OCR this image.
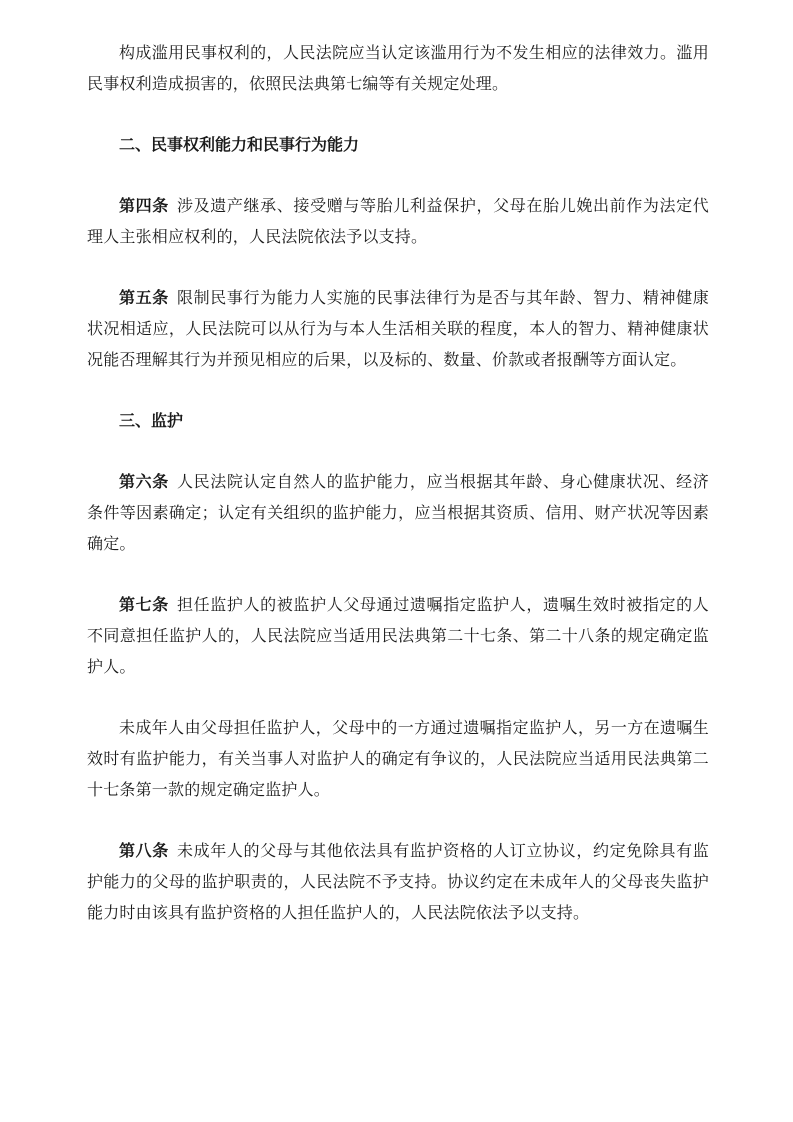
构成滥用民事权利的，人民法院应当认定该滥用行为不发生相应的法律效力。滥用民事权利造成损害的，依照民法典第七编等有关规定处理。

二、民事权利能力和民事行为能力

第四条 涉及遗产继承、接受赠与等胎儿利益保护，父母在胎儿娩出前作为法定代理人主张相应权利的，人民法院依法予以支持。

第五条 限制民事行为能力人实施的民事法律行为是否与其年龄、智力、精神健康状况相适应，人民法院可以从行为与本人生活相关联的程度，本人的智力、精神健康状况能否理解其行为并预见相应的后果，以及标的、数量、价款或者报酬等方面认定。

三、监护

第六条 人民法院认定自然人的监护能力，应当根据其年龄、身心健康状况、经济条件等因素确定；认定有关组织的监护能力，应当根据其资质、信用、财产状况等因素确定。

第七条 担任监护人的被监护人父母通过遗嘱指定监护人，遗嘱生效时被指定的人不同意担任监护人的，人民法院应当适用民法典第二十七条、第二十八条的规定确定监护人。

未成年人由父母担任监护人，父母中的一方通过遗嘱指定监护人，另一方在遗嘱生效时有监护能力，有关当事人对监护人的确定有争议的，人民法院应当适用民法典第二十七条第一款的规定确定监护人。

第八条 未成年人的父母与其他依法具有监护资格的人订立协议，约定免除具有监护能力的父母的监护职责的，人民法院不予支持。协议约定在未成年人的父母丧失监护能力时由该具有监护资格的人担任监护人的，人民法院依法予以支持。
